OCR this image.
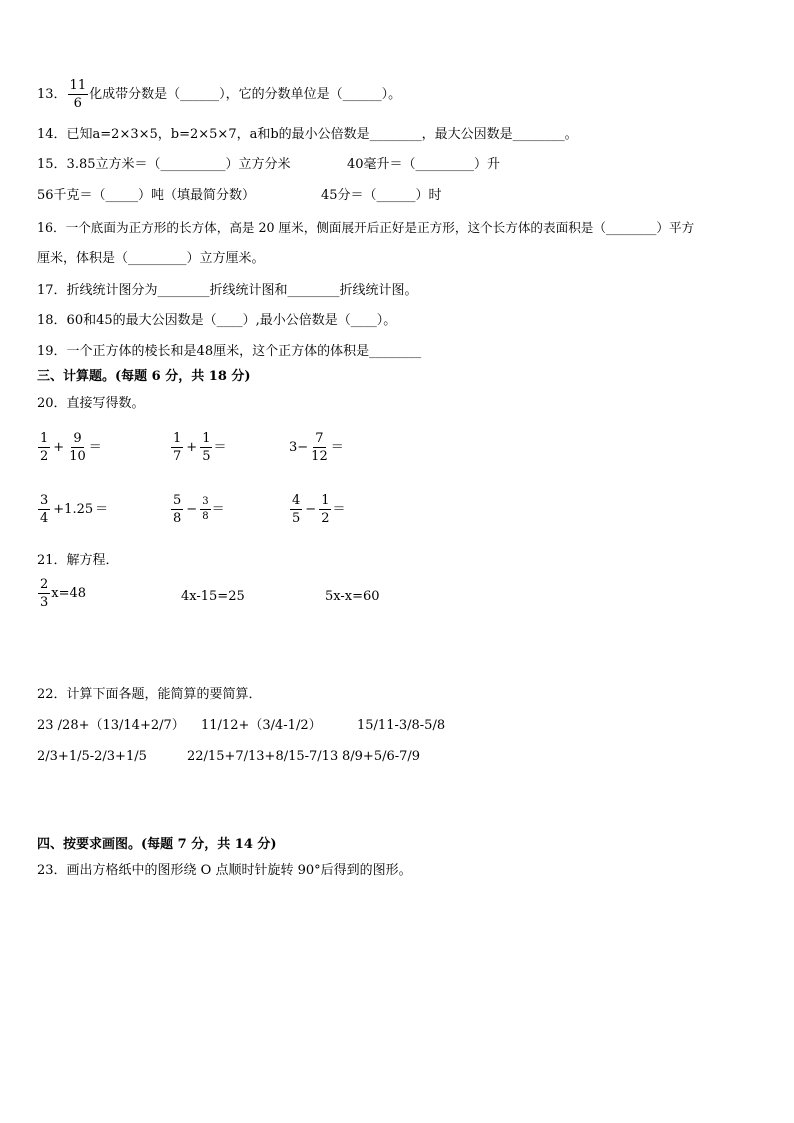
13． $\frac{11}{6}$ 化成带分数是（______），它的分数单位是（______）。
14．已知a=2×3×5，b=2×5×7，a和b的最小公倍数是________，最大公因数是________。
15．3.85立方米＝（__________）立方分米	40毫升＝（_________）升
56千克＝（_____）吨（填最简分数）	45分＝（______）时
16．一个底面为正方形的长方体，高是 20 厘米，侧面展开后正好是正方形，这个长方体的表面积是（________）平方
厘米，体积是（_________）立方厘米。
17．折线统计图分为________折线统计图和________折线统计图。
18．60和45的最大公因数是（____）,最小公倍数是（____）。
19．一个正方体的棱长和是48厘米，这个正方体的体积是________
三、计算题。(每题 6 分，共 18 分)
20．直接写得数。
$\frac{1}{2} + \frac{9}{10}$ ＝	$\frac{1}{7} + \frac{1}{5}$ ＝	$3- \frac{7}{12}$ ＝
$\frac{3}{4} +1.25$ ＝	$\frac{5}{8} - \frac{3}{8}$ ＝	$\frac{4}{5} - \frac{1}{2}$ ＝
21．解方程．
$\frac{2}{3} x=48$	4x-15=25	5x-x=60
22．计算下面各题，能简算的要简算．
23 /28+（13/14+2/7） 11/12+（3/4-1/2）	15/11-3/8-5/8
2/3+1/5-2/3+1/5	22/15+7/13+8/15-7/13 8/9+5/6-7/9
四、按要求画图。(每题 7 分，共 14 分)
23．画出方格纸中的图形绕 O 点顺时针旋转 90°后得到的图形。
